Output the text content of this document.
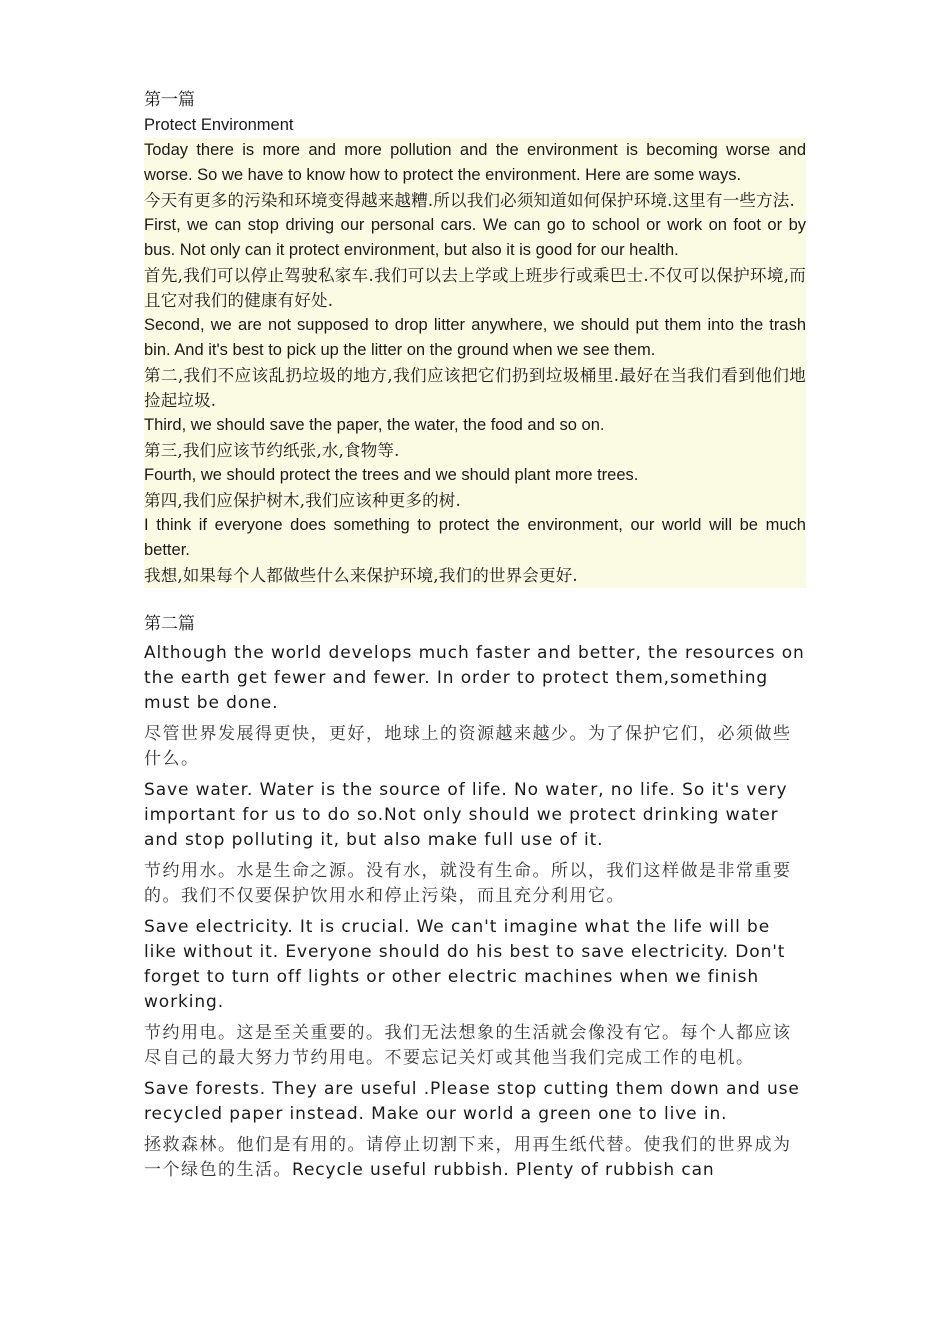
第一篇

Protect Environment

Today there is more and more pollution and the environment is becoming worse and worse. So we have to know how to protect the environment. Here are some ways.

今天有更多的污染和环境变得越来越糟.所以我们必须知道如何保护环境.这里有一些方法.

First, we can stop driving our personal cars. We can go to school or work on foot or by bus. Not only can it protect environment, but also it is good for our health.

首先,我们可以停止驾驶私家车.我们可以去上学或上班步行或乘巴士.不仅可以保护环境,而且它对我们的健康有好处.

Second, we are not supposed to drop litter anywhere, we should put them into the trash bin. And it's best to pick up the litter on the ground when we see them.

第二,我们不应该乱扔垃圾的地方,我们应该把它们扔到垃圾桶里.最好在当我们看到他们地捡起垃圾.

Third, we should save the paper, the water, the food and so on.

第三,我们应该节约纸张,水,食物等.

Fourth, we should protect the trees and we should plant more trees.

第四,我们应保护树木,我们应该种更多的树.

I think if everyone does something to protect the environment, our world will be much better.

我想,如果每个人都做些什么来保护环境,我们的世界会更好.

第二篇

Although the world develops much faster and better, the resources on the earth get fewer and fewer. In order to protect them,something must be done.

尽管世界发展得更快，更好，地球上的资源越来越少。为了保护它们，必须做些什么。

Save water. Water is the source of life. No water, no life. So it's very important for us to do so.Not only should we protect drinking water and stop polluting it, but also make full use of it.

节约用水。水是生命之源。没有水，就没有生命。所以，我们这样做是非常重要的。我们不仅要保护饮用水和停止污染，而且充分利用它。

Save electricity. It is crucial. We can't imagine what the life will be like without it. Everyone should do his best to save electricity. Don't forget to turn off lights or other electric machines when we finish working.

节约用电。这是至关重要的。我们无法想象的生活就会像没有它。每个人都应该尽自己的最大努力节约用电。不要忘记关灯或其他当我们完成工作的电机。

Save forests. They are useful .Please stop cutting them down and use recycled paper instead. Make our world a green one to live in.

拯救森林。他们是有用的。请停止切割下来，用再生纸代替。使我们的世界成为一个绿色的生活。Recycle useful rubbish. Plenty of rubbish can
